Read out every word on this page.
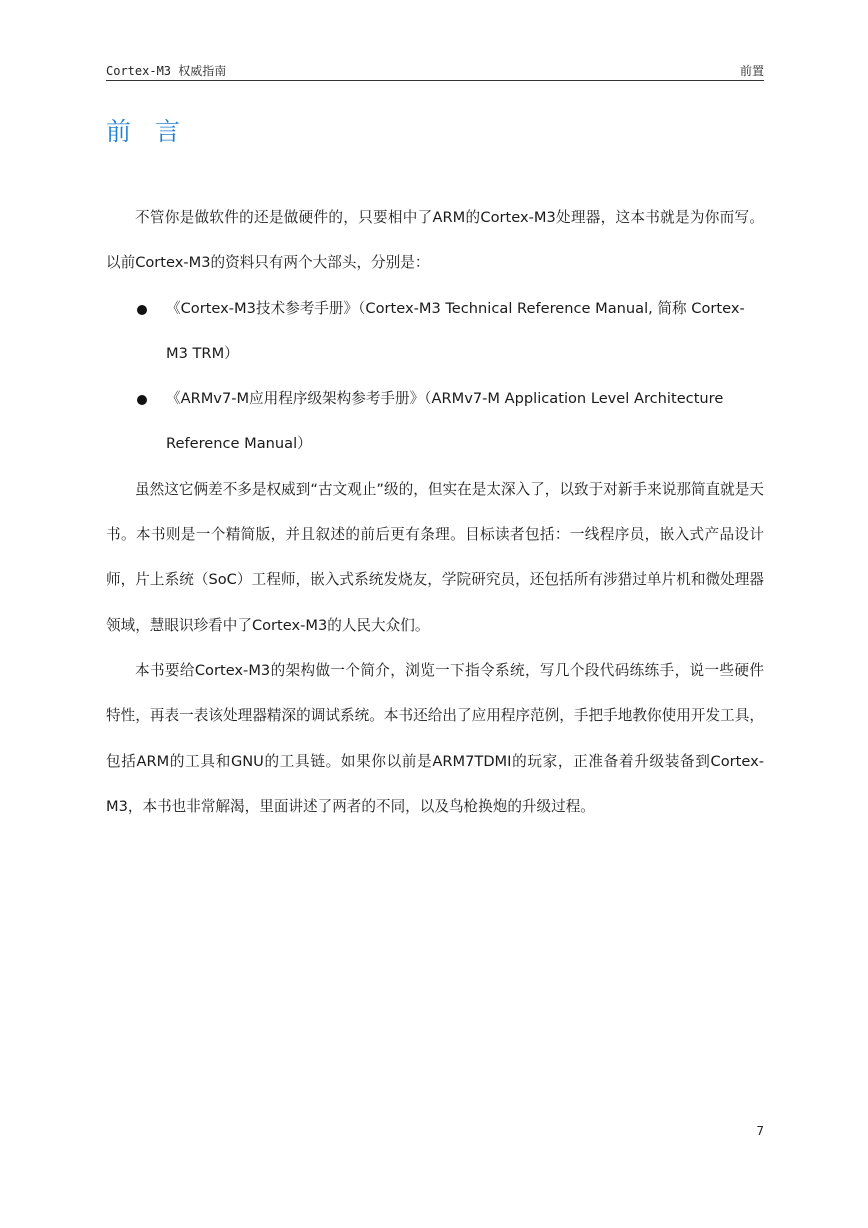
Cortex-M3 权威指南	前置
前 言

不管你是做软件的还是做硬件的，只要相中了ARM的Cortex-M3处理器，这本书就是为你而写。以前Cortex-M3的资料只有两个大部头，分别是：

《Cortex-M3技术参考手册》（Cortex-M3 Technical Reference Manual, 简称 Cortex-M3 TRM）
《ARMv7-M应用程序级架构参考手册》（ARMv7-M Application Level Architecture Reference Manual）

虽然这它俩差不多是权威到“古文观止”级的，但实在是太深入了，以致于对新手来说那简直就是天书。本书则是一个精简版，并且叙述的前后更有条理。目标读者包括：一线程序员，嵌入式产品设计师，片上系统（SoC）工程师，嵌入式系统发烧友，学院研究员，还包括所有涉猎过单片机和微处理器领域，慧眼识珍看中了Cortex-M3的人民大众们。

本书要给Cortex-M3的架构做一个简介，浏览一下指令系统，写几个段代码练练手，说一些硬件特性，再表一表该处理器精深的调试系统。本书还给出了应用程序范例，手把手地教你使用开发工具，包括ARM的工具和GNU的工具链。如果你以前是ARM7TDMI的玩家，正准备着升级装备到Cortex-M3，本书也非常解渴，里面讲述了两者的不同，以及鸟枪换炮的升级过程。

7
